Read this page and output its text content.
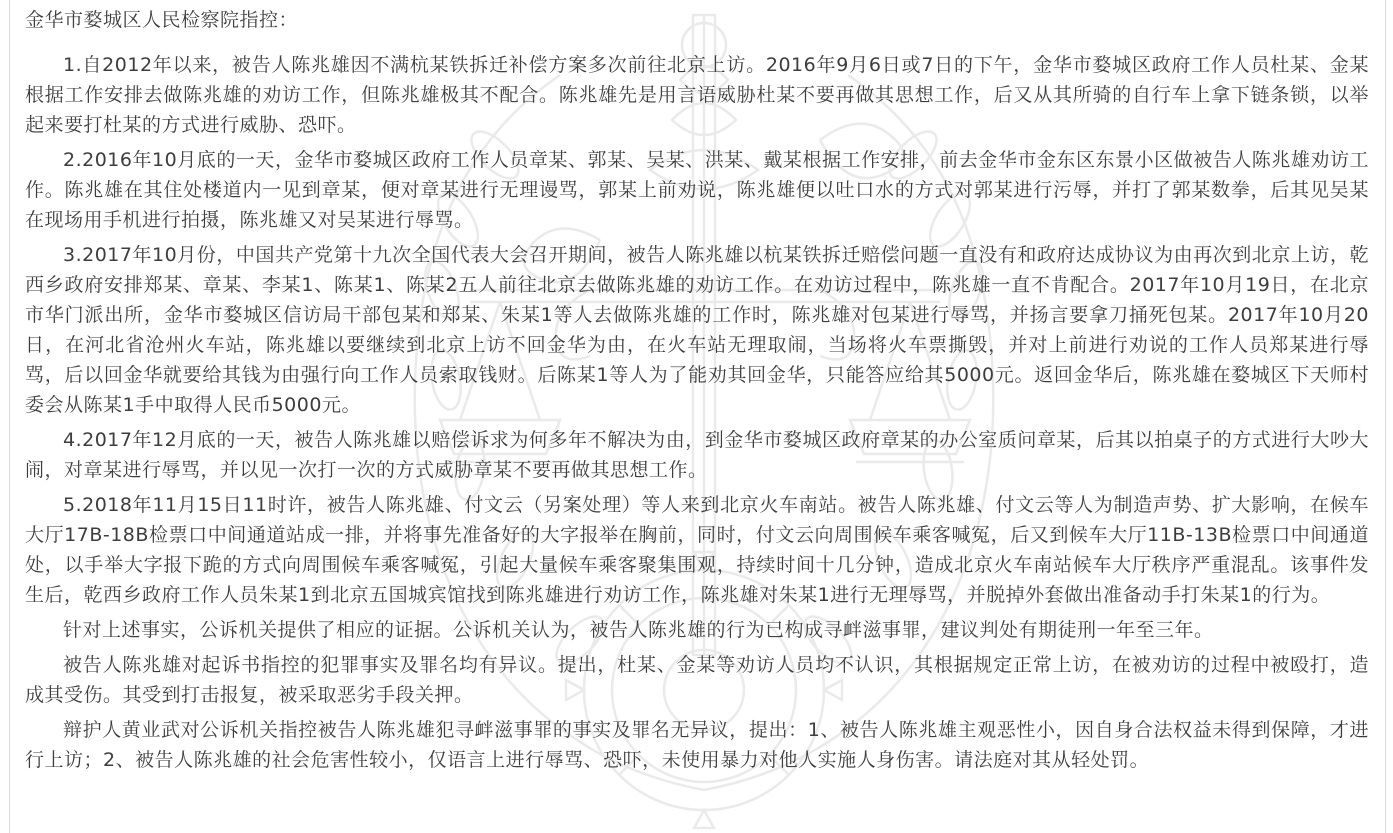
金华市婺城区人民检察院指控：

1.自2012年以来，被告人陈兆雄因不满杭某铁拆迁补偿方案多次前往北京上访。2016年9月6日或7日的下午，金华市婺城区政府工作人员杜某、金某根据工作安排去做陈兆雄的劝访工作，但陈兆雄极其不配合。陈兆雄先是用言语威胁杜某不要再做其思想工作，后又从其所骑的自行车上拿下链条锁，以举起来要打杜某的方式进行威胁、恐吓。

2.2016年10月底的一天，金华市婺城区政府工作人员章某、郭某、吴某、洪某、戴某根据工作安排，前去金华市金东区东景小区做被告人陈兆雄劝访工作。陈兆雄在其住处楼道内一见到章某，便对章某进行无理谩骂，郭某上前劝说，陈兆雄便以吐口水的方式对郭某进行污辱，并打了郭某数拳，后其见吴某在现场用手机进行拍摄，陈兆雄又对吴某进行辱骂。

3.2017年10月份，中国共产党第十九次全国代表大会召开期间，被告人陈兆雄以杭某铁拆迁赔偿问题一直没有和政府达成协议为由再次到北京上访，乾西乡政府安排郑某、章某、李某1、陈某1、陈某2五人前往北京去做陈兆雄的劝访工作。在劝访过程中，陈兆雄一直不肯配合。2017年10月19日，在北京市华门派出所，金华市婺城区信访局干部包某和郑某、朱某1等人去做陈兆雄的工作时，陈兆雄对包某进行辱骂，并扬言要拿刀捅死包某。2017年10月20日，在河北省沧州火车站，陈兆雄以要继续到北京上访不回金华为由，在火车站无理取闹，当场将火车票撕毁，并对上前进行劝说的工作人员郑某进行辱骂，后以回金华就要给其钱为由强行向工作人员索取钱财。后陈某1等人为了能劝其回金华，只能答应给其5000元。返回金华后，陈兆雄在婺城区下天师村委会从陈某1手中取得人民币5000元。

4.2017年12月底的一天，被告人陈兆雄以赔偿诉求为何多年不解决为由，到金华市婺城区政府章某的办公室质问章某，后其以拍桌子的方式进行大吵大闹，对章某进行辱骂，并以见一次打一次的方式威胁章某不要再做其思想工作。

5.2018年11月15日11时许，被告人陈兆雄、付文云（另案处理）等人来到北京火车南站。被告人陈兆雄、付文云等人为制造声势、扩大影响，在候车大厅17B-18B检票口中间通道站成一排，并将事先准备好的大字报举在胸前，同时，付文云向周围候车乘客喊冤，后又到候车大厅11B-13B检票口中间通道处，以手举大字报下跪的方式向周围候车乘客喊冤，引起大量候车乘客聚集围观，持续时间十几分钟，造成北京火车南站候车大厅秩序严重混乱。该事件发生后，乾西乡政府工作人员朱某1到北京五国城宾馆找到陈兆雄进行劝访工作，陈兆雄对朱某1进行无理辱骂，并脱掉外套做出准备动手打朱某1的行为。

针对上述事实，公诉机关提供了相应的证据。公诉机关认为，被告人陈兆雄的行为已构成寻衅滋事罪，建议判处有期徒刑一年至三年。

被告人陈兆雄对起诉书指控的犯罪事实及罪名均有异议。提出，杜某、金某等劝访人员均不认识，其根据规定正常上访，在被劝访的过程中被殴打，造成其受伤。其受到打击报复，被采取恶劣手段关押。

辩护人黄业武对公诉机关指控被告人陈兆雄犯寻衅滋事罪的事实及罪名无异议，提出：1、被告人陈兆雄主观恶性小，因自身合法权益未得到保障，才进行上访；2、被告人陈兆雄的社会危害性较小，仅语言上进行辱骂、恐吓，未使用暴力对他人实施人身伤害。请法庭对其从轻处罚。
